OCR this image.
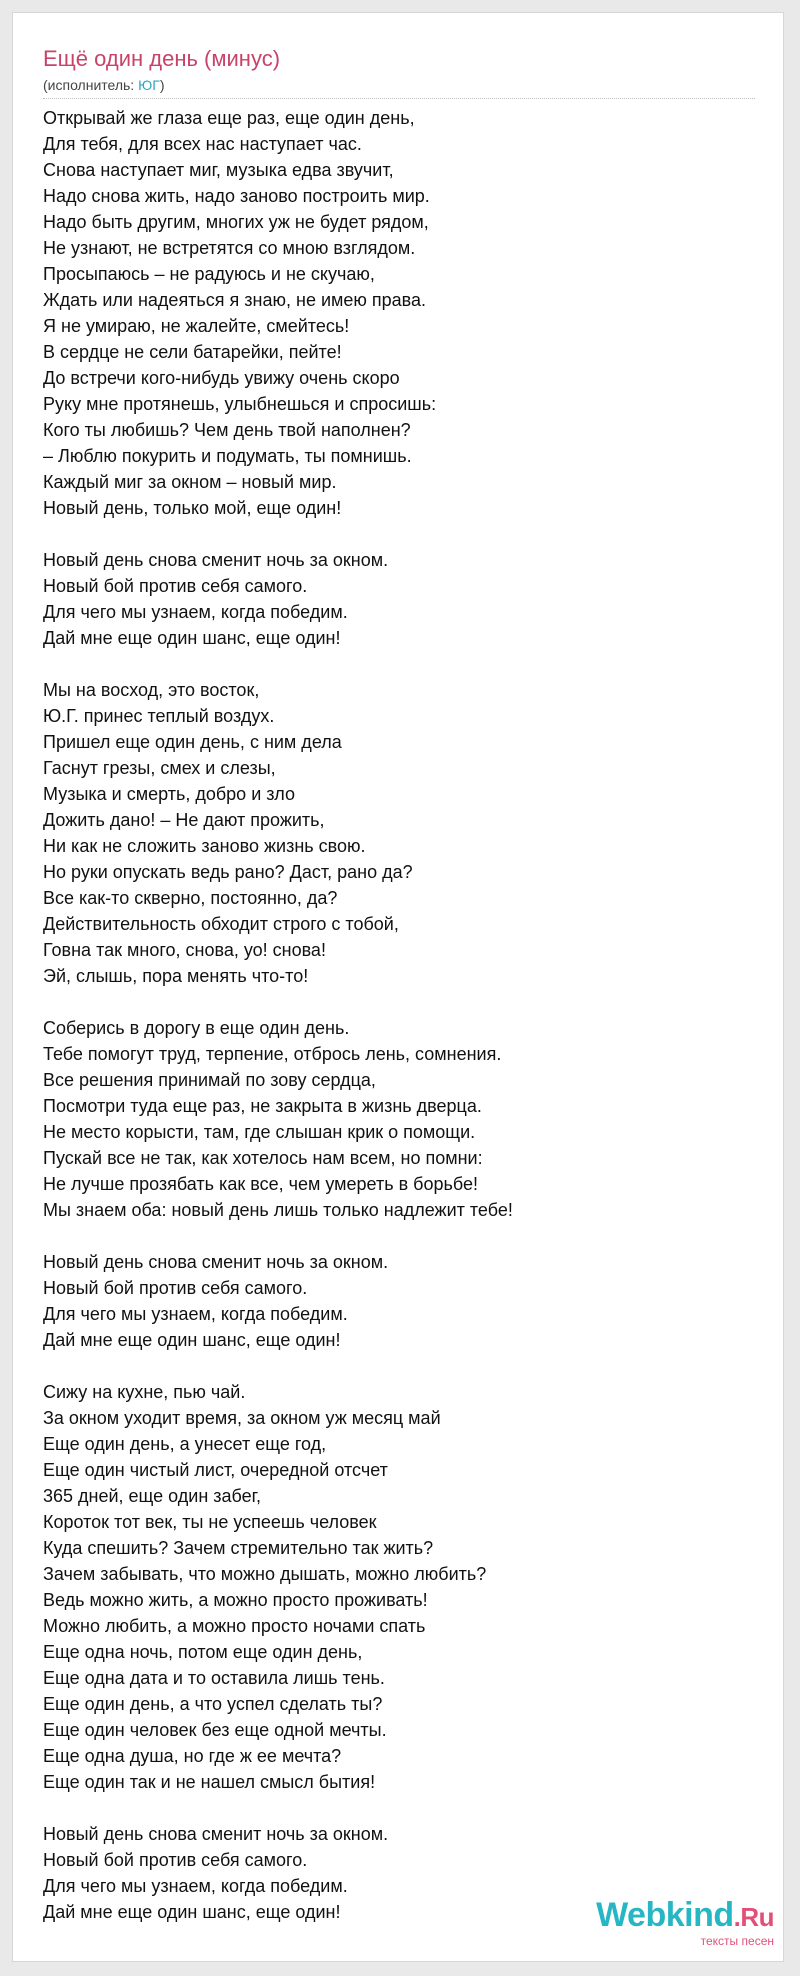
Ещё один день (минус)
(исполнитель: ЮГ)
Открывай же глаза еще раз, еще один день,
Для тебя, для всех нас наступает час.
Снова наступает миг, музыка едва звучит,
Надо снова жить, надо заново построить мир.
Надо быть другим, многих уж не будет рядом,
Не узнают, не встретятся со мною взглядом.
Просыпаюсь – не радуюсь и не скучаю,
Ждать или надеяться я знаю, не имею права.
Я не умираю, не жалейте, смейтесь!
В сердце не сели батарейки, пейте!
До встречи кого-нибудь увижу очень скоро
Руку мне протянешь, улыбнешься и спросишь:
Кого ты любишь? Чем день твой наполнен?
– Люблю покурить и подумать, ты помнишь.
Каждый миг за окном – новый мир.
Новый день, только мой, еще один!
Новый день снова сменит ночь за окном.
Новый бой против себя самого.
Для чего мы узнаем, когда победим.
Дай мне еще один шанс, еще один!
Мы на восход, это восток,
Ю.Г. принес теплый воздух.
Пришел еще один день, с ним дела
Гаснут грезы, смех и слезы,
Музыка и смерть, добро и зло
Дожить дано! – Не дают прожить,
Ни как не сложить заново жизнь свою.
Но руки опускать ведь рано? Даст, рано да?
Все как-то скверно, постоянно, да?
Действительность обходит строго с тобой,
Говна так много, снова, уо! снова!
Эй, слышь, пора менять что-то!
Соберись в дорогу в еще один день.
Тебе помогут труд, терпение, отбрось лень, сомнения.
Все решения принимай по зову сердца,
Посмотри туда еще раз, не закрыта в жизнь дверца.
Не место корысти, там, где слышан крик о помощи.
Пускай все не так, как хотелось нам всем, но помни:
Не лучше прозябать как все, чем умереть в борьбе!
Мы знаем оба: новый день лишь только надлежит тебе!
Новый день снова сменит ночь за окном.
Новый бой против себя самого.
Для чего мы узнаем, когда победим.
Дай мне еще один шанс, еще один!
Сижу на кухне, пью чай.
За окном уходит время, за окном уж месяц май
Еще один день, а унесет еще год,
Еще один чистый лист, очередной отсчет
365 дней, еще один забег,
Короток тот век, ты не успеешь человек
Куда спешить? Зачем стремительно так жить?
Зачем забывать, что можно дышать, можно любить?
Ведь можно жить, а можно просто проживать!
Можно любить, а можно просто ночами спать
Еще одна ночь, потом еще один день,
Еще одна дата и то оставила лишь тень.
Еще один день, а что успел сделать ты?
Еще один человек без еще одной мечты.
Еще одна душа, но где ж ее мечта?
Еще один так и не нашел смысл бытия!
Новый день снова сменит ночь за окном.
Новый бой против себя самого.
Для чего мы узнаем, когда победим.
Дай мне еще один шанс, еще один!	Webkind.Ru
тексты песен
